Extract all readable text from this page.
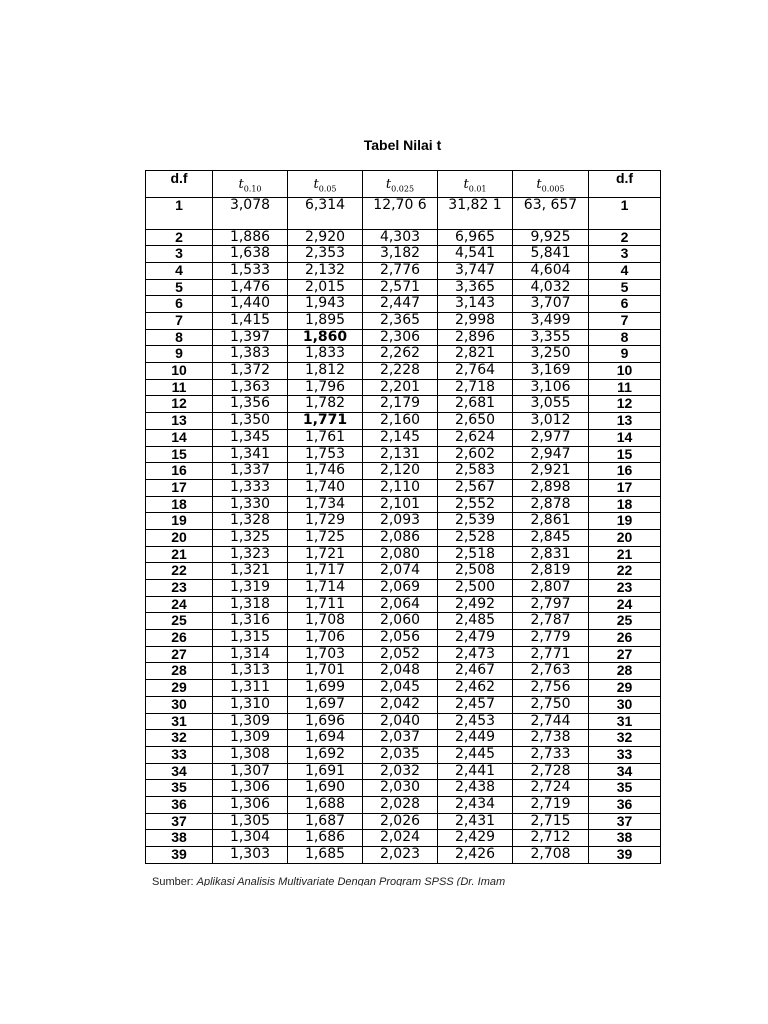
Tabel Nilai t
d.f	$t_{0.10}$	$t_{0.05}$	$t_{0.025}$	$t_{0.01}$	$t_{0.005}$	d.f
1	3,078	6,314	12,70 6	31,82 1	63, 657	1
2	1,886	2,920	4,303	6,965	9,925	2
3	1,638	2,353	3,182	4,541	5,841	3
4	1,533	2,132	2,776	3,747	4,604	4
5	1,476	2,015	2,571	3,365	4,032	5
6	1,440	1,943	2,447	3,143	3,707	6
7	1,415	1,895	2,365	2,998	3,499	7
8	1,397	1,860	2,306	2,896	3,355	8
9	1,383	1,833	2,262	2,821	3,250	9
10	1,372	1,812	2,228	2,764	3,169	10
11	1,363	1,796	2,201	2,718	3,106	11
12	1,356	1,782	2,179	2,681	3,055	12
13	1,350	1,771	2,160	2,650	3,012	13
14	1,345	1,761	2,145	2,624	2,977	14
15	1,341	1,753	2,131	2,602	2,947	15
16	1,337	1,746	2,120	2,583	2,921	16
17	1,333	1,740	2,110	2,567	2,898	17
18	1,330	1,734	2,101	2,552	2,878	18
19	1,328	1,729	2,093	2,539	2,861	19
20	1,325	1,725	2,086	2,528	2,845	20
21	1,323	1,721	2,080	2,518	2,831	21
22	1,321	1,717	2,074	2,508	2,819	22
23	1,319	1,714	2,069	2,500	2,807	23
24	1,318	1,711	2,064	2,492	2,797	24
25	1,316	1,708	2,060	2,485	2,787	25
26	1,315	1,706	2,056	2,479	2,779	26
27	1,314	1,703	2,052	2,473	2,771	27
28	1,313	1,701	2,048	2,467	2,763	28
29	1,311	1,699	2,045	2,462	2,756	29
30	1,310	1,697	2,042	2,457	2,750	30
31	1,309	1,696	2,040	2,453	2,744	31
32	1,309	1,694	2,037	2,449	2,738	32
33	1,308	1,692	2,035	2,445	2,733	33
34	1,307	1,691	2,032	2,441	2,728	34
35	1,306	1,690	2,030	2,438	2,724	35
36	1,306	1,688	2,028	2,434	2,719	36
37	1,305	1,687	2,026	2,431	2,715	37
38	1,304	1,686	2,024	2,429	2,712	38
39	1,303	1,685	2,023	2,426	2,708	39
Sumber: Aplikasi Analisis Multivariate Dengan Program SPSS (Dr. Imam
